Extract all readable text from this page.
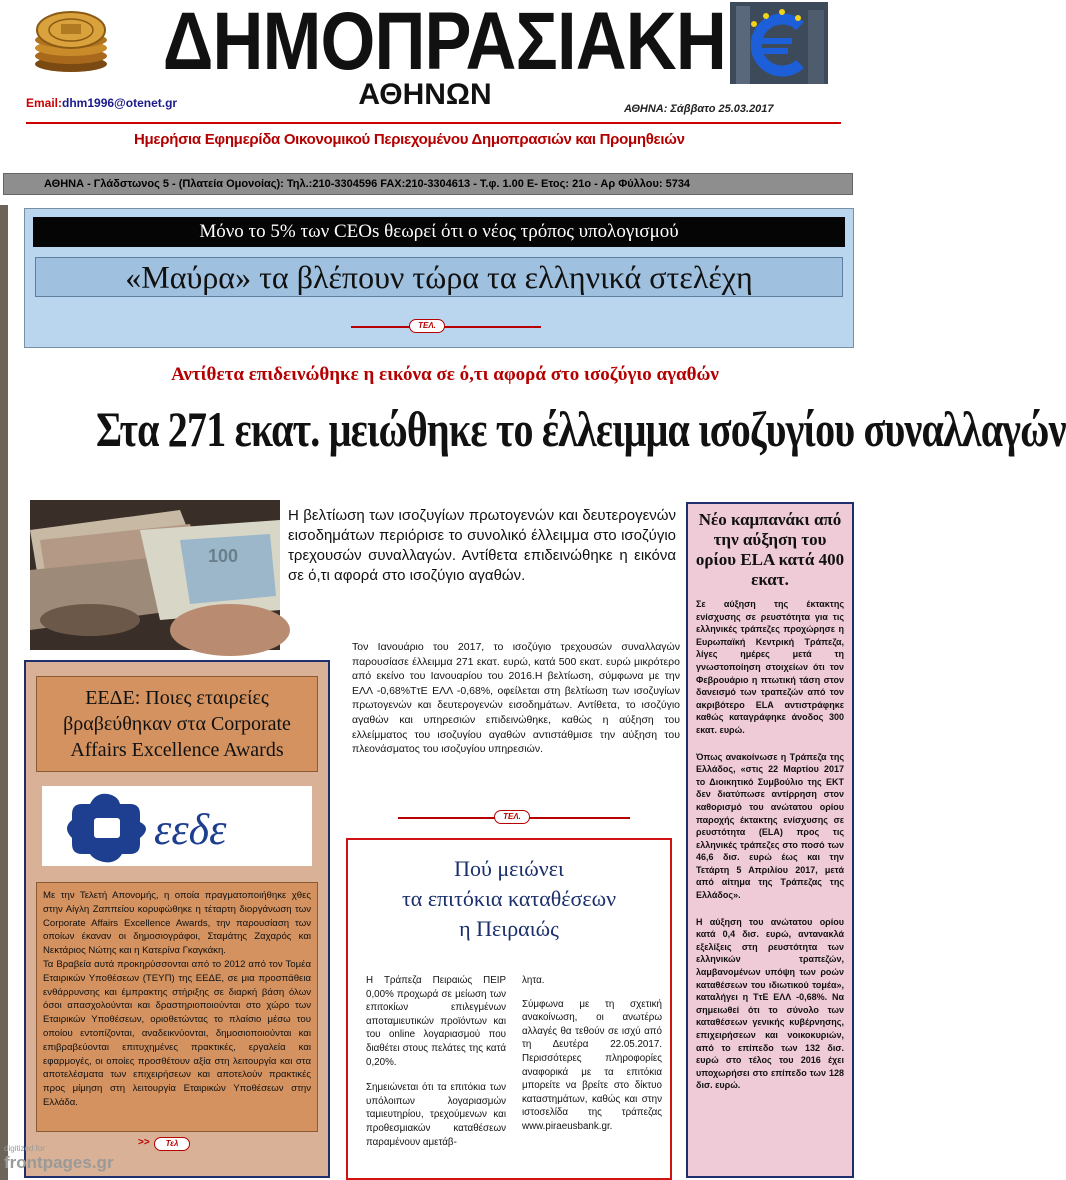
ΔΗΜΟΠΡΑΣΙΑΚΗ
ΑΘΗΝΩΝ
Email:dhm1996@otenet.gr	ΑΘΗΝΑ: Σάββατο 25.03.2017
Ημερήσια Εφημερίδα Οικονομικού Περιεχομένου Δημοπρασιών και Προμηθειών
ΑΘΗΝΑ - Γλάδστωνος 5 - (Πλατεία Ομονοίας): Τηλ.:210-3304596 FAX:210-3304613 - Τ.φ. 1.00 Ε- Ετος: 21ο - Αρ Φύλλου: 5734
Μόνο το 5% των CEOs θεωρεί ότι ο νέος τρόπος υπολογισμού
«Μαύρα» τα βλέπουν τώρα τα ελληνικά στελέχη
ΤΕΛ.
Αντίθετα επιδεινώθηκε η εικόνα σε ό,τι αφορά στο ισοζύγιο αγαθών
Στα 271 εκατ. μειώθηκε το έλλειμμα ισοζυγίου συναλλαγών
100
Η βελτίωση των ισοζυγίων πρωτογενών και δευτερογενών εισοδημάτων περιόρισε το συνολικό έλλειμμα στο ισοζύγιο τρεχουσών συναλλαγών. Αντίθετα επιδεινώθηκε η εικόνα σε ό,τι αφορά στο ισοζύγιο αγαθών.
Τον Ιανουάριο του 2017, το ισοζύγιο τρεχουσών συναλλαγών παρουσίασε έλλειμμα 271 εκατ. ευρώ, κατά 500 εκατ. ευρώ μικρότερο από εκείνο του Ιανουαρίου του 2016.Η βελτίωση, σύμφωνα με την ΕΛΛ -0,68%ΤτΕ ΕΛΛ -0,68%, οφείλεται στη βελτίωση των ισοζυγίων πρωτογενών και δευτερογενών εισοδημάτων. Αντίθετα, το ισοζύγιο αγαθών και υπηρεσιών επιδεινώθηκε, καθώς η αύξηση του ελλείμματος του ισοζυγίου αγαθών αντιστάθμισε την αύξηση του πλεονάσματος του ισοζυγίου υπηρεσιών.
ΤΕΛ.
Νέο καμπανάκι από την αύξηση του ορίου ELA κατά 400 εκατ.
Σε αύξηση της έκτακτης ενίσχυσης σε ρευστότητα για τις ελληνικές τράπεζες προχώρησε η Ευρωπαϊκή Κεντρική Τράπεζα, λίγες ημέρες μετά τη γνωστοποίηση στοιχείων ότι τον Φεβρουάριο η πτωτική τάση στον δανεισμό των τραπεζών από τον ακριβότερο ELA αντιστράφηκε καθώς καταγράφηκε άνοδος 300 εκατ. ευρώ.
Όπως ανακοίνωσε η Τράπεζα της Ελλάδος, «στις 22 Μαρτίου 2017 το Διοικητικό Συμβούλιο της ΕΚΤ δεν διατύπωσε αντίρρηση στον καθορισμό του ανώτατου ορίου παροχής έκτακτης ενίσχυσης σε ρευστότητα (ELA) προς τις ελληνικές τράπεζες στο ποσό των 46,6 δισ. ευρώ έως και την Τετάρτη 5 Απριλίου 2017, μετά από αίτημα της Τράπεζας της Ελλάδος».
Η αύξηση του ανώτατου ορίου κατά 0,4 δισ. ευρώ, αντανακλά εξελίξεις στη ρευστότητα των ελληνικών τραπεζών, λαμβανομένων υπόψη των ροών καταθέσεων του ιδιωτικού τομέα», καταλήγει η ΤτΕ ΕΛΛ -0,68%. Να σημειωθεί ότι το σύνολο των καταθέσεων γενικής κυβέρνησης, επιχειρήσεων και νοικοκυριών, από το επίπεδο των 132 δισ. ευρώ στο τέλος του 2016 έχει υποχωρήσει στο επίπεδο των 128 δισ. ευρώ.
ΕΕΔΕ: Ποιες εταιρείες βραβεύθηκαν στα Corporate Affairs Excellence Awards
εεδε
Με την Τελετή Απονομής, η οποία πραγματοποιήθηκε χθες στην Αίγλη Ζαππείου κορυφώθηκε η τέταρτη διοργάνωση των Corporate Affairs Excellence Awards, την παρουσίαση των οποίων έκαναν οι δημοσιογράφοι, Σταμάτης Ζαχαρός και Νεκτάριος Νώτης και η Κατερίνα Γκαγκάκη.
Τα Βραβεία αυτά προκηρύσσονται από το 2012 από τον Τομέα Εταιρικών Υποθέσεων (ΤΕΥΠ) της ΕΕΔΕ, σε μια προσπάθεια ενθάρρυνσης και έμπρακτης στήριξης σε διαρκή βάση όλων όσοι απασχολούνται και δραστηριοποιούνται στο χώρο των Εταιρικών Υποθέσεων, οριοθετώντας το πλαίσιο μέσω του οποίου εντοπίζονται, αναδεικνύονται, δημοσιοποιούνται και επιβραβεύονται επιτυχημένες πρακτικές, εργαλεία και εφαρμογές, οι οποίες προσθέτουν αξία στη λειτουργία και στα αποτελέσματα των επιχειρήσεων και αποτελούν πρακτικές προς μίμηση στη λειτουργία Εταιρικών Υποθέσεων στην Ελλάδα.
>>	Τελ
Πού μειώνει
τα επιτόκια καταθέσεων
η Πειραιώς
Η Τράπεζα Πειραιώς ΠΕΙΡ 0,00% προχωρά σε μείωση των επιτοκίων επιλεγμένων αποταμιευτικών προϊόντων και του online λογαριασμού που διαθέτει στους πελάτες της κατά 0,20%.
Σημειώνεται ότι τα επιτόκια των υπόλοιπων λογαριασμών ταμιευτηρίου, τρεχούμενων και προθεσμιακών καταθέσεων παραμένουν αμετάβ-
λητα.
Σύμφωνα με τη σχετική ανακοίνωση, οι ανωτέρω αλλαγές θα τεθούν σε ισχύ από τη Δευτέρα 22.05.2017. Περισσότερες πληροφορίες αναφορικά με τα επιτόκια μπορείτε να βρείτε στο δίκτυο καταστημάτων, καθώς και στην ιστοσελίδα της τράπεζας www.piraeusbank.gr.
digitized for
frontpages.gr
